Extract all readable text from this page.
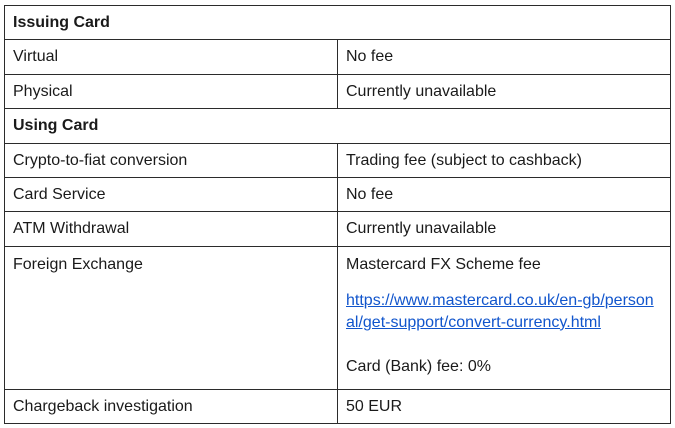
Issuing Card	
Virtual	No fee
Physical	Currently unavailable
Using Card	
Crypto-to-fiat conversion	Trading fee (subject to cashback)
Card Service	No fee
ATM Withdrawal	Currently unavailable
Foreign Exchange	Mastercard FX Scheme fee
https://www.mastercard.co.uk/en-gb/personal/get-support/convert-currency.html
Card (Bank) fee: 0%

Chargeback investigation	50 EUR
